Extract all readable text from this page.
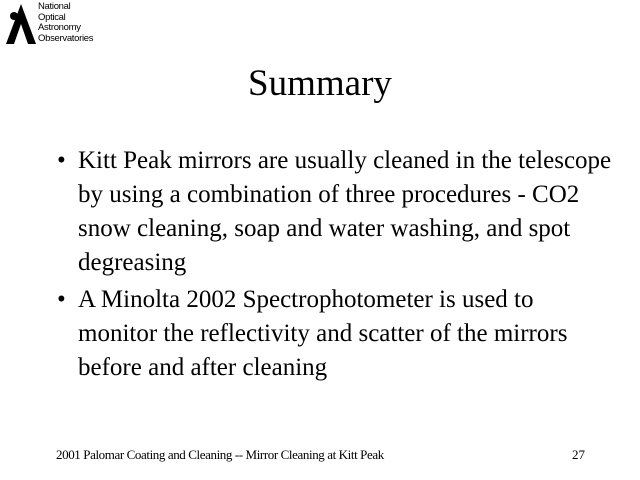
National
Optical
Astronomy
Observatories
Summary
• Kitt Peak mirrors are usually cleaned in the telescope by using a combination of three procedures - CO2 snow cleaning, soap and water washing, and spot degreasing
• A Minolta 2002 Spectrophotometer is used to monitor the reflectivity and scatter of the mirrors before and after cleaning
2001 Palomar Coating and Cleaning -- Mirror Cleaning at Kitt Peak	27
